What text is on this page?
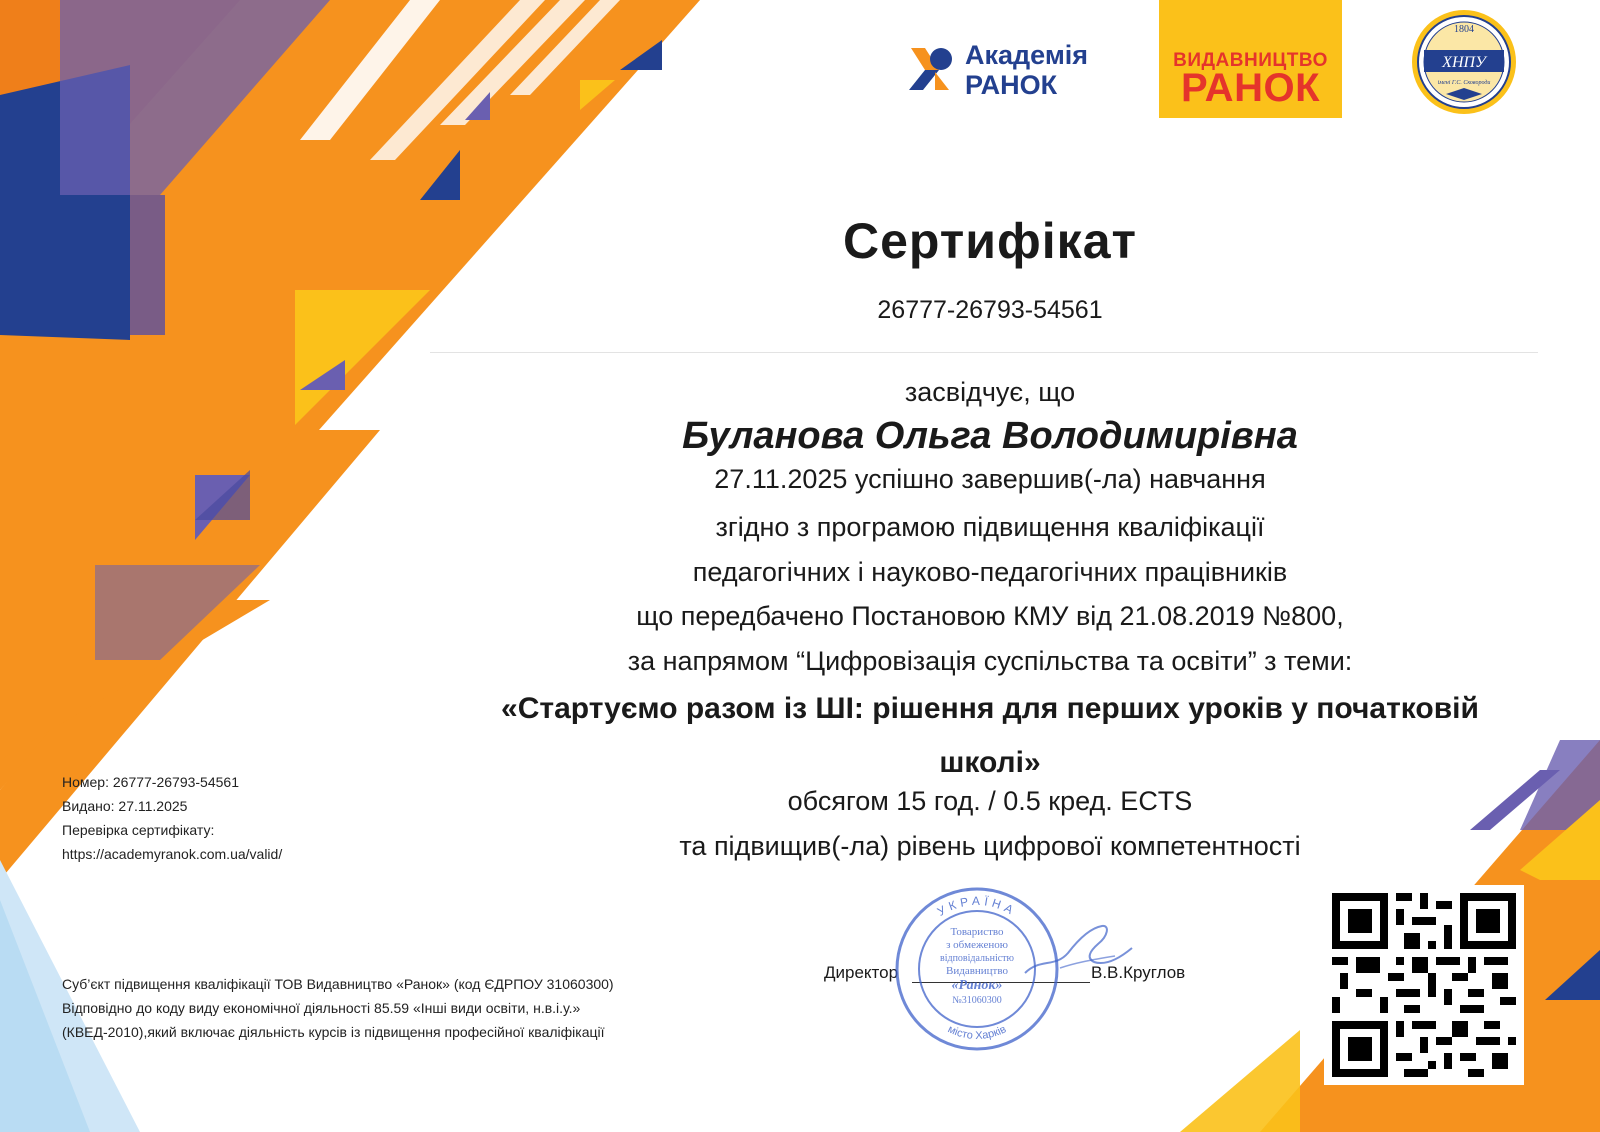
Академія
РАНОК
ВИДАВНИЦТВО
РАНОК
1804
ХНПУ
імені Г.С. Сковороди
Сертифікат
26777-26793-54561
засвідчує, що
Буланова Ольга Володимирівна
27.11.2025 успішно завершив(-ла) навчання
згідно з програмою підвищення кваліфікації
педагогічних і науково-педагогічних працівників
що передбачено Постановою КМУ від 21.08.2019 №800,
за напрямом “Цифровізація суспільства та освіти” з теми:
«Стартуємо разом із ШІ: рішення для перших уроків у початковій
школі»
обсягом 15 год. / 0.5 кред. ECTS
та підвищив(-ла) рівень цифрової компетентності
Номер: 26777-26793-54561
Видано: 27.11.2025
Перевірка сертифікату:
https://academyranok.com.ua/valid/
Суб’єкт підвищення кваліфікації ТОВ Видавництво «Ранок» (код ЄДРПОУ 31060300)
Відповідно до коду виду економічної діяльності 85.59 «Інші види освіти, н.в.і.у.»
(КВЕД-2010),який включає діяльність курсів із підвищення професійної кваліфікації
Директор	В.В.Круглов
УКРАЇНА
місто Харків
Товариство
з обмеженою
відповідальністю
Видавництво
«Ранок»
№31060300
